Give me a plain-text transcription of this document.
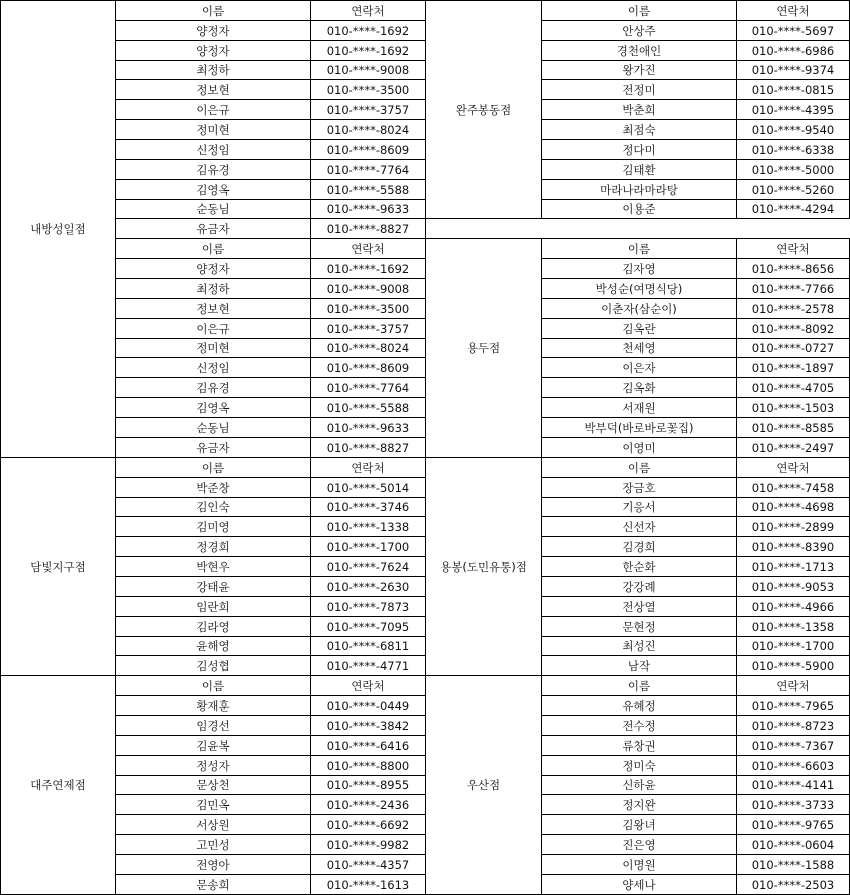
내방성일점
이름	연락처
양정자	010-****-1692
양정자	010-****-1692
최정하	010-****-9008
정보현	010-****-3500
이은규	010-****-3757
정미현	010-****-8024
신정임	010-****-8609
김유경	010-****-7764
김영옥	010-****-5588
순동님	010-****-9633
유금자	010-****-8827
이름	연락처
양정자	010-****-1692
최정하	010-****-9008
정보현	010-****-3500
이은규	010-****-3757
정미현	010-****-8024
신정임	010-****-8609
김유경	010-****-7764
김영옥	010-****-5588
순동님	010-****-9633
유금자	010-****-8827
담빛지구점
이름	연락처
박준창	010-****-5014
김인숙	010-****-3746
김미영	010-****-1338
정경희	010-****-1700
박현우	010-****-7624
강태윤	010-****-2630
임란희	010-****-7873
김라영	010-****-7095
윤해영	010-****-6811
김성협	010-****-4771
대주연제점
이름	연락처
황재훈	010-****-0449
임경선	010-****-3842
김윤복	010-****-6416
정성자	010-****-8800
문상천	010-****-8955
김민옥	010-****-2436
서상원	010-****-6692
고민성	010-****-9982
전영아	010-****-4357
문송희	010-****-1613
완주봉동점
이름	연락처
안상주	010-****-5697
경천애인	010-****-6986
왕가진	010-****-9374
전정미	010-****-0815
박춘희	010-****-4395
최점숙	010-****-9540
정다미	010-****-6338
김태환	010-****-5000
마라나라마라탕	010-****-5260
이용준	010-****-4294
용두점
이름	연락처
김자영	010-****-8656
박성순(여명식당)	010-****-7766
이춘자(삼순이)	010-****-2578
김옥란	010-****-8092
천세영	010-****-0727
이은자	010-****-1897
김옥화	010-****-4705
서재원	010-****-1503
박부덕(바로바로꽃집)	010-****-8585
이영미	010-****-2497
용봉(도민유통)점
이름	연락처
장금호	010-****-7458
기응서	010-****-4698
신선자	010-****-2899
김경희	010-****-8390
한순화	010-****-1713
강강례	010-****-9053
전상열	010-****-4966
문현정	010-****-1358
최성진	010-****-1700
남작	010-****-5900
우산점
이름	연락처
유혜정	010-****-7965
전수정	010-****-8723
류창권	010-****-7367
정미숙	010-****-6603
신하윤	010-****-4141
정지완	010-****-3733
김왕녀	010-****-9765
진은영	010-****-0604
이명원	010-****-1588
양세나	010-****-2503
